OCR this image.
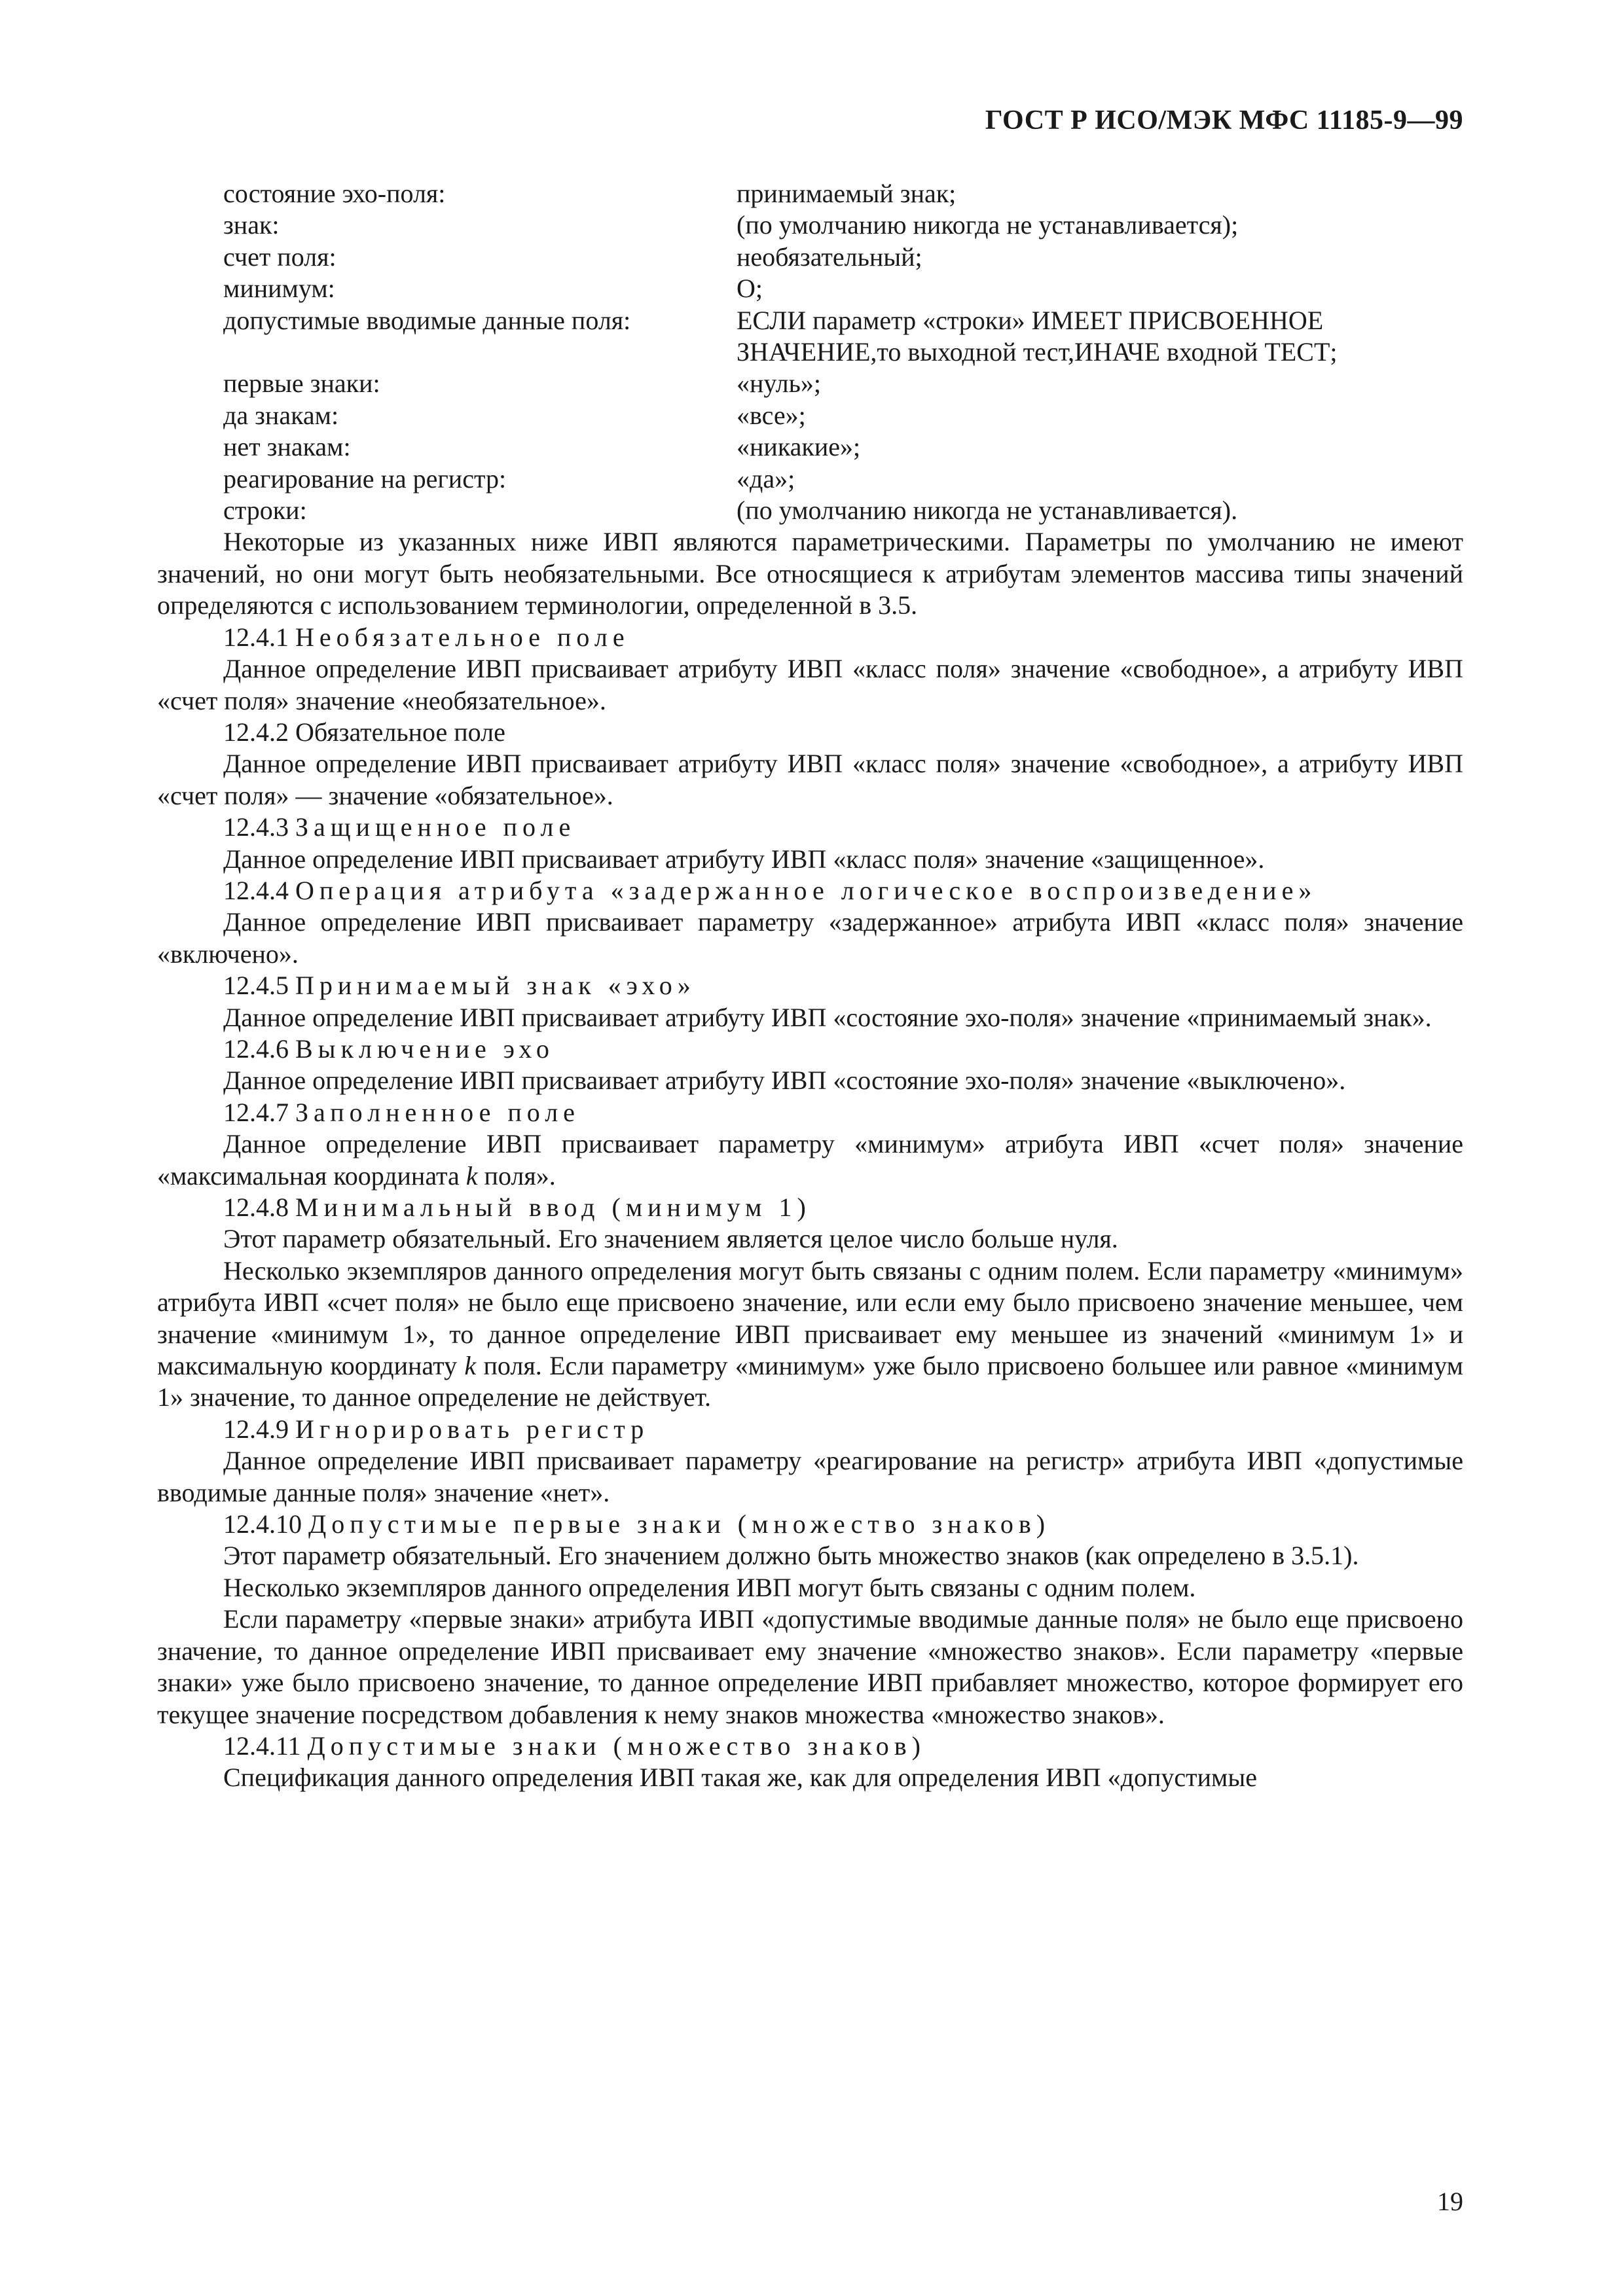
ГОСТ Р ИСО/МЭК МФС 11185-9—99
состояние эхо-поля:	принимаемый знак;
знак:	(по умолчанию никогда не устанавливается);
счет поля:	необязательный;
минимум:	O;
допустимые вводимые данные поля:	ЕСЛИ параметр «строки» ИМЕЕТ ПРИСВОЕННОЕ
ЗНАЧЕНИЕ,то выходной тест,ИНАЧЕ входной ТЕСТ;
первые знаки:	«нуль»;
да знакам:	«все»;
нет знакам:	«никакие»;
реагирование на регистр:	«да»;
строки:	(по умолчанию никогда не устанавливается).

Некоторые из указанных ниже ИВП являются параметрическими. Параметры по умолчанию не имеют значений, но они могут быть необязательными. Все относящиеся к атрибутам элементов массива типы значений определяются с использованием терминологии, определенной в 3.5.

12.4.1 Необязательное поле

Данное определение ИВП присваивает атрибуту ИВП «класс поля» значение «свободное», а атрибуту ИВП «счет поля» значение «необязательное».

12.4.2 Обязательное поле

Данное определение ИВП присваивает атрибуту ИВП «класс поля» значение «свободное», а атрибуту ИВП «счет поля» — значение «обязательное».

12.4.3 Защищенное поле

Данное определение ИВП присваивает атрибуту ИВП «класс поля» значение «защищенное».

12.4.4 Операция атрибута «задержанное логическое воспроизведение»

Данное определение ИВП присваивает параметру «задержанное» атрибута ИВП «класс поля» значение «включено».

12.4.5 Принимаемый знак «эхо»

Данное определение ИВП присваивает атрибуту ИВП «состояние эхо-поля» значение «принимаемый знак».

12.4.6 Выключение эхо

Данное определение ИВП присваивает атрибуту ИВП «состояние эхо-поля» значение «выключено».

12.4.7 Заполненное поле

Данное определение ИВП присваивает параметру «минимум» атрибута ИВП «счет поля» значение «максимальная координата k поля».

12.4.8 Минимальный ввод (минимум 1)

Этот параметр обязательный. Его значением является целое число больше нуля.

Несколько экземпляров данного определения могут быть связаны с одним полем. Если параметру «минимум» атрибута ИВП «счет поля» не было еще присвоено значение, или если ему было присвоено значение меньшее, чем значение «минимум 1», то данное определение ИВП присваивает ему меньшее из значений «минимум 1» и максимальную координату k поля. Если параметру «минимум» уже было присвоено большее или равное «минимум 1» значение, то данное определение не действует.

12.4.9 Игнорировать регистр

Данное определение ИВП присваивает параметру «реагирование на регистр» атрибута ИВП «допустимые вводимые данные поля» значение «нет».

12.4.10 Допустимые первые знаки (множество знаков)

Этот параметр обязательный. Его значением должно быть множество знаков (как определено в 3.5.1).

Несколько экземпляров данного определения ИВП могут быть связаны с одним полем.

Если параметру «первые знаки» атрибута ИВП «допустимые вводимые данные поля» не было еще присвоено значение, то данное определение ИВП присваивает ему значение «множество знаков». Если параметру «первые знаки» уже было присвоено значение, то данное определение ИВП прибавляет множество, которое формирует его текущее значение посредством добавления к нему знаков множества «множество знаков».

12.4.11 Допустимые знаки (множество знаков)

Спецификация данного определения ИВП такая же, как для определения ИВП «допустимые

19
